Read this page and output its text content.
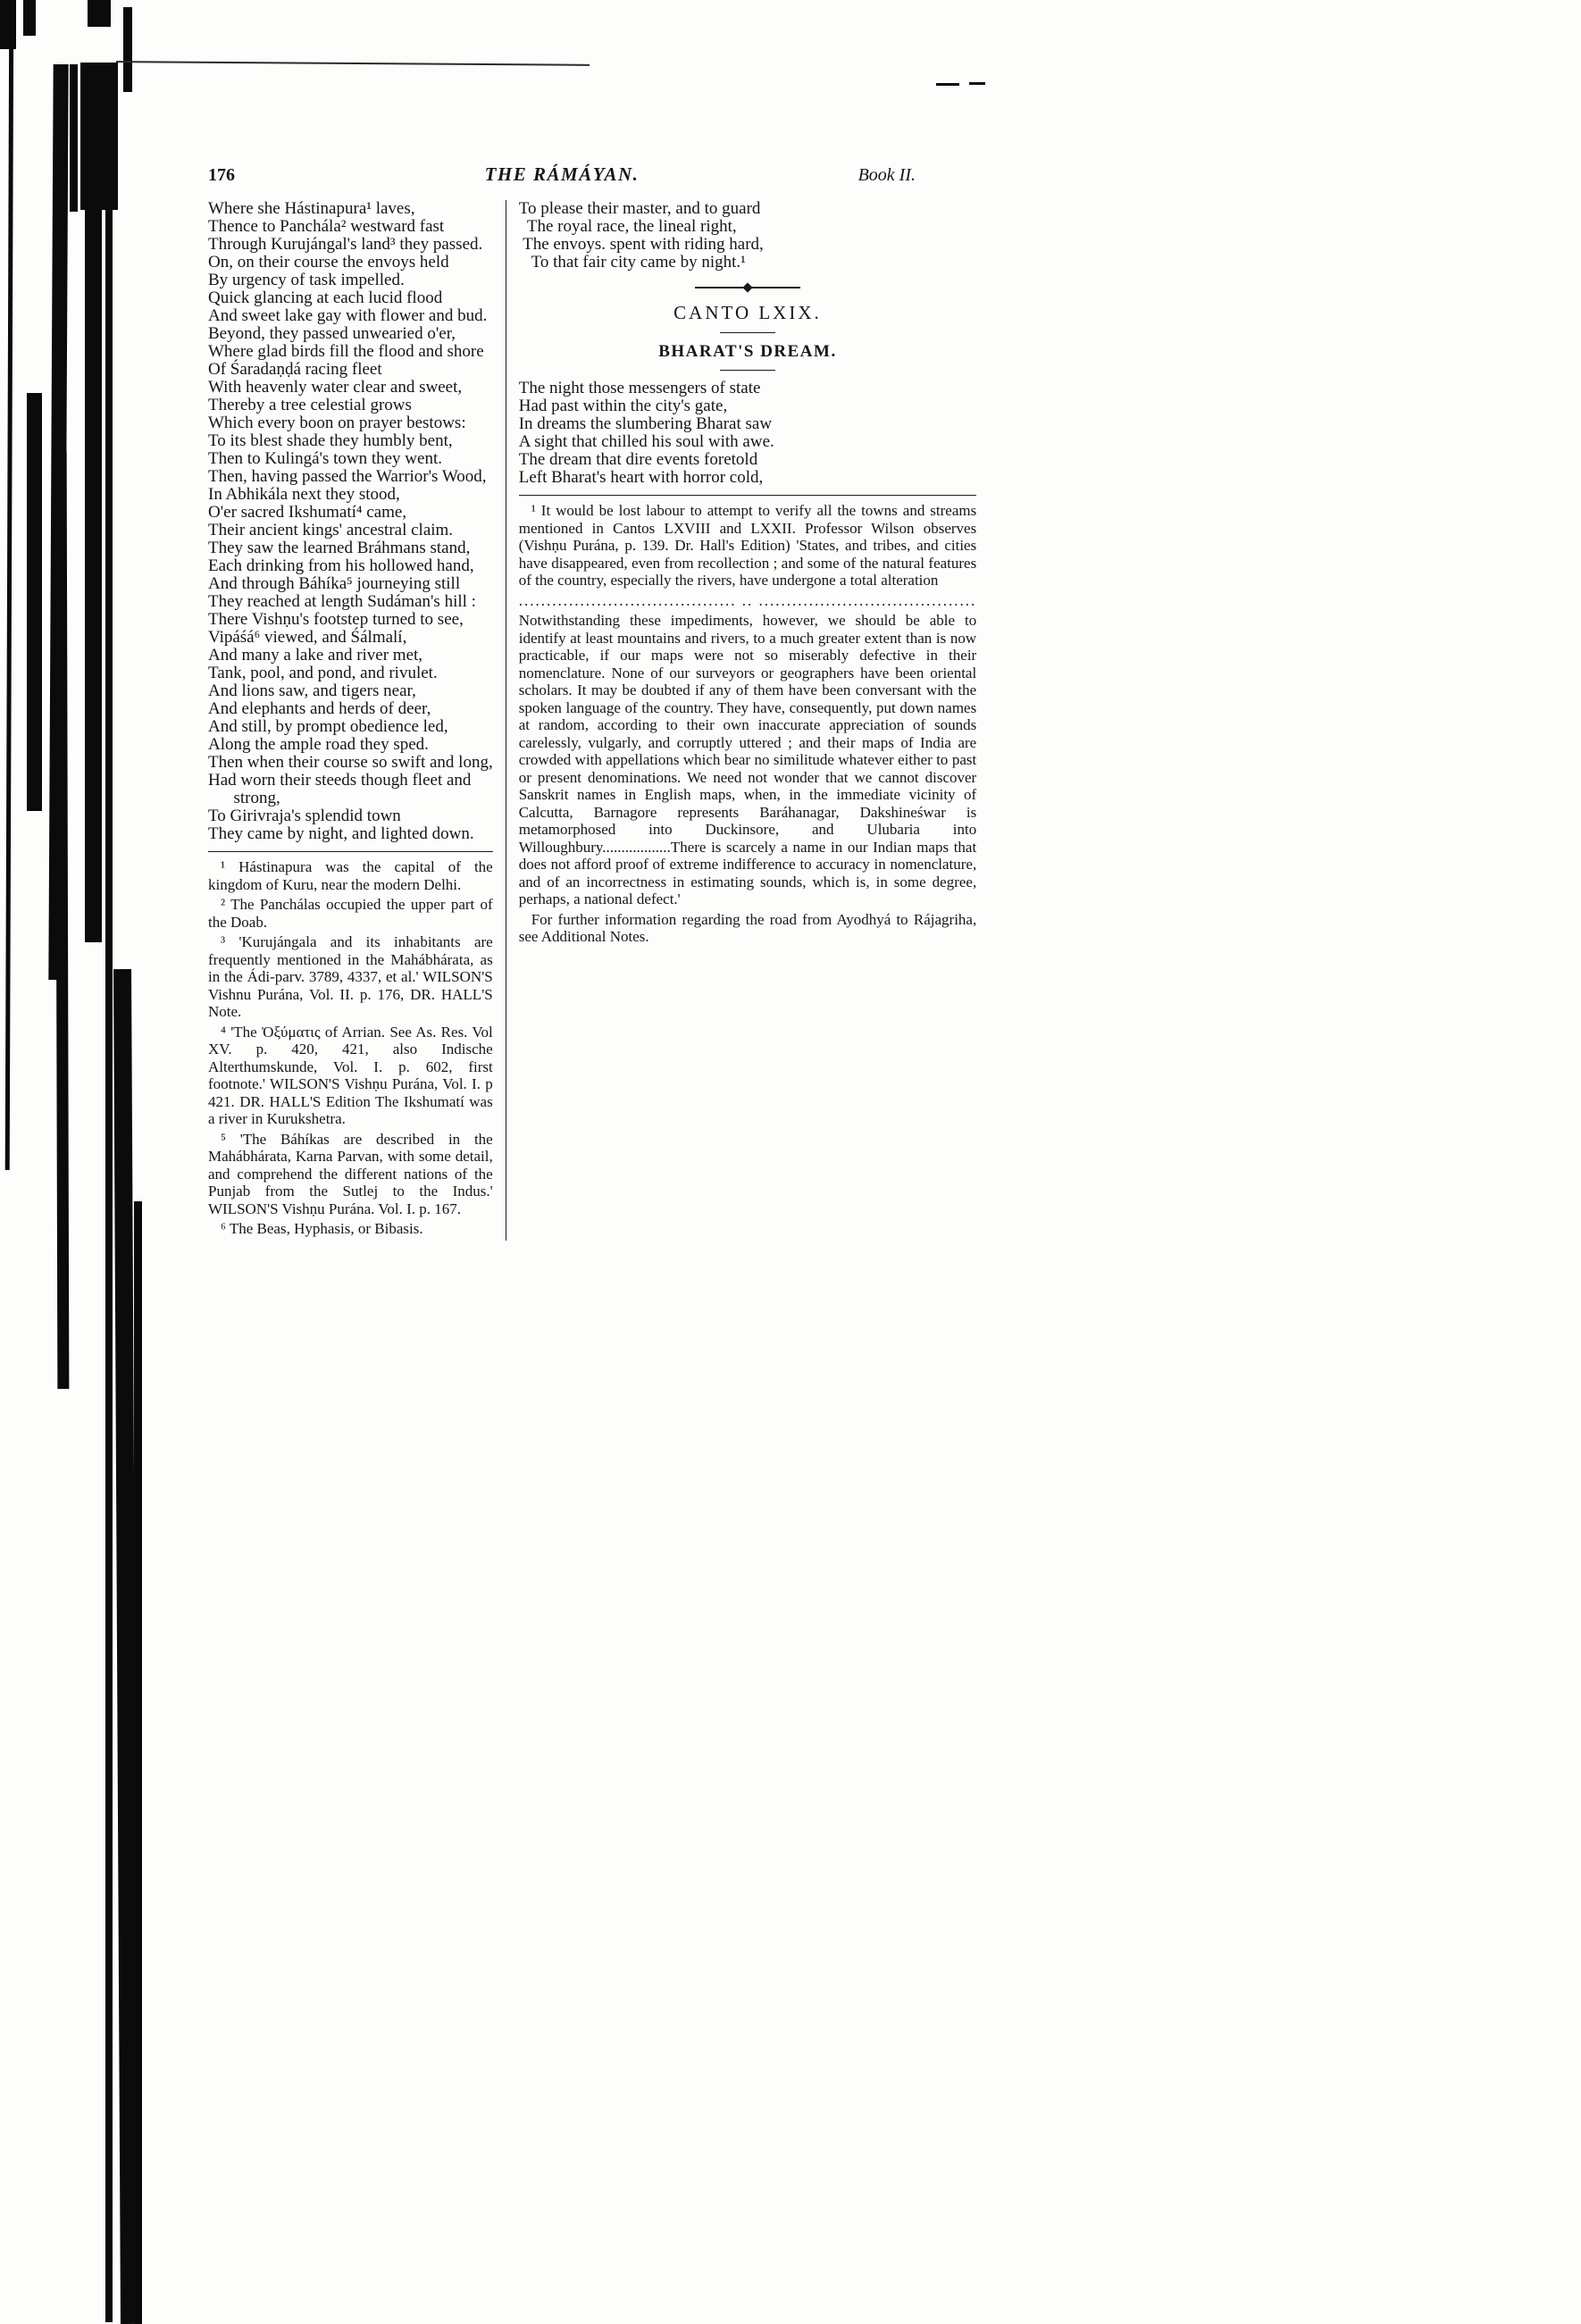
176	THE RÁMÁYAN.	Book II.
Where she Hástinapura¹ laves,
Thence to Panchála² westward fast
Through Kurujángal's land³ they passed.
On, on their course the envoys held
By urgency of task impelled.
Quick glancing at each lucid flood
And sweet lake gay with flower and bud.
Beyond, they passed unwearied o'er,
Where glad birds fill the flood and shore
Of Śaradaṇḍá racing fleet
With heavenly water clear and sweet,
Thereby a tree celestial grows
Which every boon on prayer bestows:
To its blest shade they humbly bent,
Then to Kulingá's town they went.
Then, having passed the Warrior's Wood,
In Abhikála next they stood,
O'er sacred Ikshumatí⁴ came,
Their ancient kings' ancestral claim.
They saw the learned Bráhmans stand,
Each drinking from his hollowed hand,
And through Báhíka⁵ journeying still
They reached at length Sudáman's hill :
There Vishṇu's footstep turned to see,
Vipáśá⁶ viewed, and Śálmalí,
And many a lake and river met,
Tank, pool, and pond, and rivulet.
And lions saw, and tigers near,
And elephants and herds of deer,
And still, by prompt obedience led,
Along the ample road they sped.
Then when their course so swift and long,
Had worn their steeds though fleet and
strong,
To Girivraja's splendid town
They came by night, and lighted down.

¹ Hástinapura was the capital of the kingdom of Kuru, near the modern Delhi.

² The Panchálas occupied the upper part of the Doab.

³ 'Kurujángala and its inhabitants are frequently mentioned in the Mahábhárata, as in the Ádi-parv. 3789, 4337, et al.' WILSON'S Vishnu Purána, Vol. II. p. 176, DR. HALL'S Note.

⁴ 'The Ὀξύματις of Arrian. See As. Res. Vol XV. p. 420, 421, also Indische Alterthumskunde, Vol. I. p. 602, first footnote.' WILSON'S Vishṇu Purána, Vol. I. p 421. DR. HALL'S Edition The Ikshumatí was a river in Kurukshetra.

⁵ 'The Báhíkas are described in the Mahábhárata, Karna Parvan, with some detail, and comprehend the different nations of the Punjab from the Sutlej to the Indus.' WILSON'S Vishṇu Purána. Vol. I. p. 167.

⁶ The Beas, Hyphasis, or Bibasis.

To please their master, and to guard
The royal race, the lineal right,
The envoys. spent with riding hard,
To that fair city came by night.¹
CANTO LXIX.
BHARAT'S DREAM.
The night those messengers of state
Had past within the city's gate,
In dreams the slumbering Bharat saw
A sight that chilled his soul with awe.
The dream that dire events foretold
Left Bharat's heart with horror cold,

¹ It would be lost labour to attempt to verify all the towns and streams mentioned in Cantos LXVIII and LXXII. Professor Wilson observes (Vishṇu Purána, p. 139. Dr. Hall's Edition) 'States, and tribes, and cities have disappeared, even from recollection ; and some of the natural features of the country, especially the rivers, have undergone a total alteration

....................................... .. .......................................

Notwithstanding these impediments, however, we should be able to identify at least mountains and rivers, to a much greater extent than is now practicable, if our maps were not so miserably defective in their nomenclature. None of our surveyors or geographers have been oriental scholars. It may be doubted if any of them have been conversant with the spoken language of the country. They have, consequently, put down names at random, according to their own inaccurate appreciation of sounds carelessly, vulgarly, and corruptly uttered ; and their maps of India are crowded with appellations which bear no similitude whatever either to past or present denominations. We need not wonder that we cannot discover Sanskrit names in English maps, when, in the immediate vicinity of Calcutta, Barnagore represents Baráhanagar, Dakshineśwar is metamorphosed into Duckinsore, and Ulubaria into Willoughbury..................There is scarcely a name in our Indian maps that does not afford proof of extreme indifference to accuracy in nomenclature, and of an incorrectness in estimating sounds, which is, in some degree, perhaps, a national defect.'

For further information regarding the road from Ayodhyá to Rájagriha, see Additional Notes.
